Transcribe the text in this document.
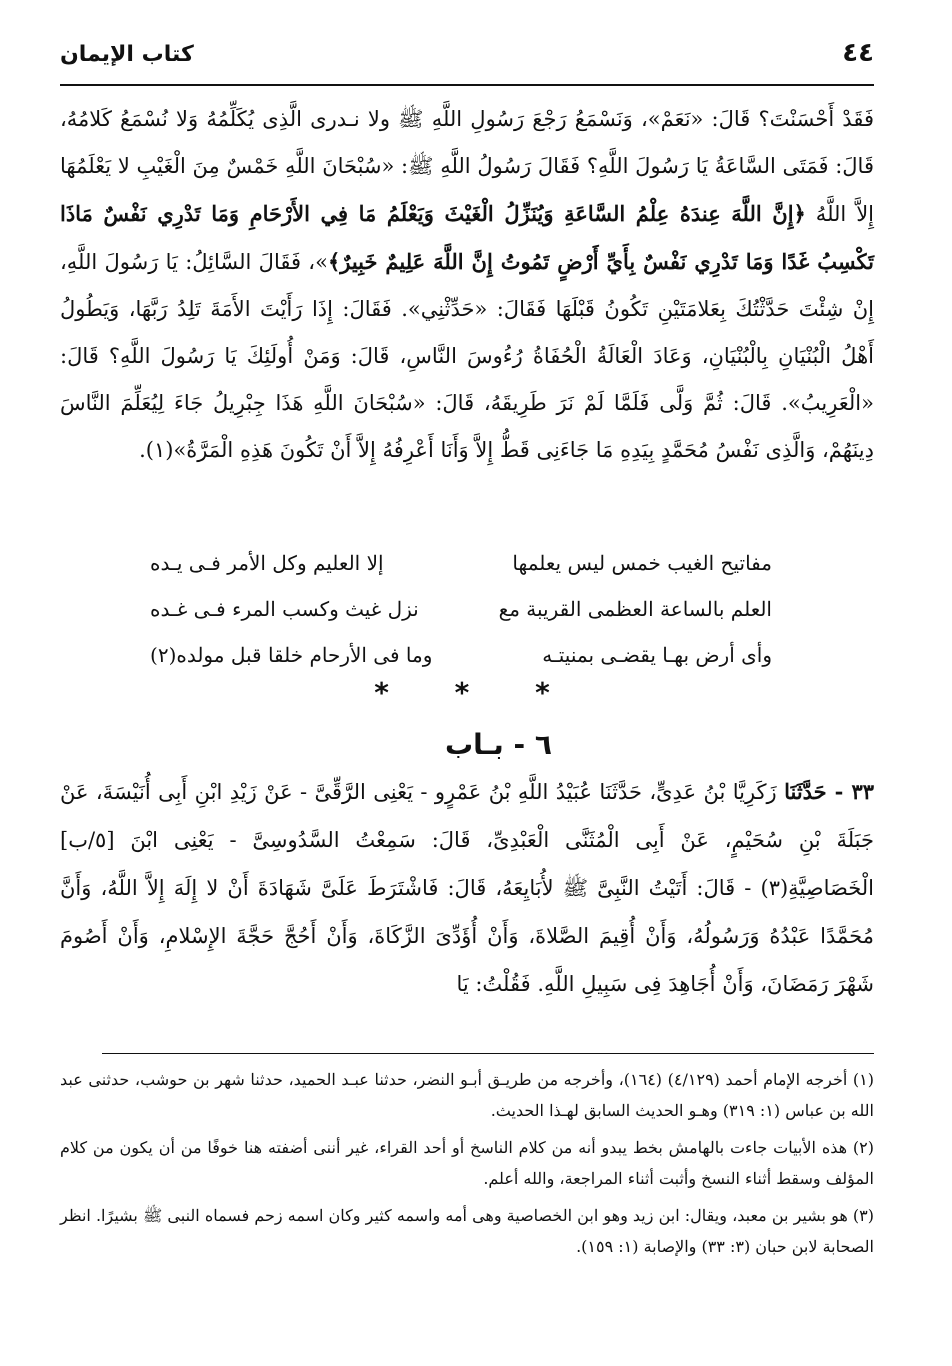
٤٤
كتاب الإيمان

فَقَدْ أَحْسَنْتَ؟ قَالَ: «نَعَمْ»، وَنَسْمَعُ رَجْعَ رَسُولِ اللَّهِ ﷺ ولا نـدرى الَّذِى يُكَلِّمُهُ وَلا نُسْمَعُ كَلامُهُ، قَالَ: فَمَتَى السَّاعَةُ يَا رَسُولَ اللَّهِ؟ فَقَالَ رَسُولُ اللَّهِ ﷺ: «سُبْحَانَ اللَّهِ خَمْسٌ مِنَ الْغَيْبِ لا يَعْلَمُهَا إِلاَّ اللَّهُ ﴿إِنَّ اللَّهَ عِندَهُ عِلْمُ السَّاعَةِ وَيُنَزِّلُ الْغَيْثَ وَيَعْلَمُ مَا فِي الأَرْحَامِ وَمَا تَدْرِي نَفْسٌ مَاذَا تَكْسِبُ غَدًا وَمَا تَدْرِي نَفْسٌ بِأَيِّ أَرْضٍ تَمُوتُ إِنَّ اللَّهَ عَلِيمٌ خَبِيرٌ﴾»، فَقَالَ السَّائِلُ: يَا رَسُولَ اللَّهِ، إِنْ شِئْتَ حَدَّثْتُكَ بِعَلامَتَيْنِ تَكُونُ قَبْلَهَا فَقَالَ: «حَدِّثْنِي». فَقَالَ: إِذَا رَأَيْتَ الأَمَةَ تَلِدُ رَبَّهَا، وَيَطُولُ أَهْلُ الْبُنْيَانِ بِالْبُنْيَانِ، وَعَادَ الْعَالَةُ الْحُفَاةُ رُءُوسَ النَّاسِ، قَالَ: وَمَنْ أُولَئِكَ يَا رَسُولَ اللَّهِ؟ قَالَ: «الْعَرِيبُ». قَالَ: ثُمَّ وَلَّى فَلَمَّا لَمْ نَرَ طَرِيقَهُ، قَالَ: «سُبْحَانَ اللَّهِ هَذَا جِبْرِيلُ جَاءَ لِيُعَلِّمَ النَّاسَ دِينَهُمْ، وَالَّذِى نَفْسُ مُحَمَّدٍ بِيَدِهِ مَا جَاءَنِى قَطُّ إِلاَّ وَأَنَا أَعْرِفُهُ إِلاَّ أَنْ تَكُونَ هَذِهِ الْمَرَّةُ»(١).

مفاتيح الغيب خمس ليس يعلمها
إلا العليم وكل الأمر فـى يـده
العلم بالساعة العظمى القريبة مع
نزل غيث وكسب المرء فـى غـده
وأى أرض بهـا يقضـى بمنيتـه
وما فى الأرحام خلقا قبل مولده(٢)
* * *
٦ - بـاب

٣٣ - حَدَّثَنَا زَكَرِيَّا بْنُ عَدِىٍّ، حَدَّثَنَا عُبَيْدُ اللَّهِ بْنُ عَمْرٍو - يَعْنِى الرَّقِّىَّ - عَنْ زَيْدِ ابْنِ أَبِى أُنَيْسَةَ، عَنْ جَبَلَةَ بْنِ سُحَيْمٍ، عَنْ أَبِى الْمُثَنَّى الْعَبْدِىِّ، قَالَ: سَمِعْتُ السَّدُوسِىَّ - يَعْنِى ابْنَ [٥/ب] الْخَصَاصِيَّةِ(٣) - قَالَ: أَتَيْتُ النَّبِىَّ ﷺ لأُبَايِعَهُ، قَالَ: فَاشْتَرَطَ عَلَىَّ شَهَادَةَ أَنْ لا إِلَهَ إِلاَّ اللَّهُ، وَأَنَّ مُحَمَّدًا عَبْدُهُ وَرَسُولُهُ، وَأَنْ أُقِيمَ الصَّلاةَ، وَأَنْ أُؤَدِّىَ الزَّكَاةَ، وَأَنْ أَحُجَّ حَجَّةَ الإِسْلامِ، وَأَنْ أَصُومَ شَهْرَ رَمَضَانَ، وَأَنْ أُجَاهِدَ فِى سَبِيلِ اللَّهِ. فَقُلْتُ: يَا

(١) أخرجه الإمام أحمد (٤/١٢٩) (١٦٤)، وأخرجه من طريـق أبـو النضر، حدثنا عبـد الحميد، حدثنا شهر بن حوشب، حدثنى عبد الله بن عباس (١: ٣١٩) وهـو الحديث السابق لهـذا الحديث.

(٢) هذه الأبيات جاءت بالهامش بخط يبدو أنه من كلام الناسخ أو أحد القراء، غير أننى أضفته هنا خوفًا من أن يكون من كلام المؤلف وسقط أثناء النسخ وأثبت أثناء المراجعة، والله أعلم.

(٣) هو بشير بن معبد، ويقال: ابن زيد وهو ابن الخصاصية وهى أمه واسمه كثير وكان اسمه زحم فسماه النبى ﷺ بشيرًا. انظر الصحابة لابن حبان (٣: ٣٣) والإصابة (١: ١٥٩).
